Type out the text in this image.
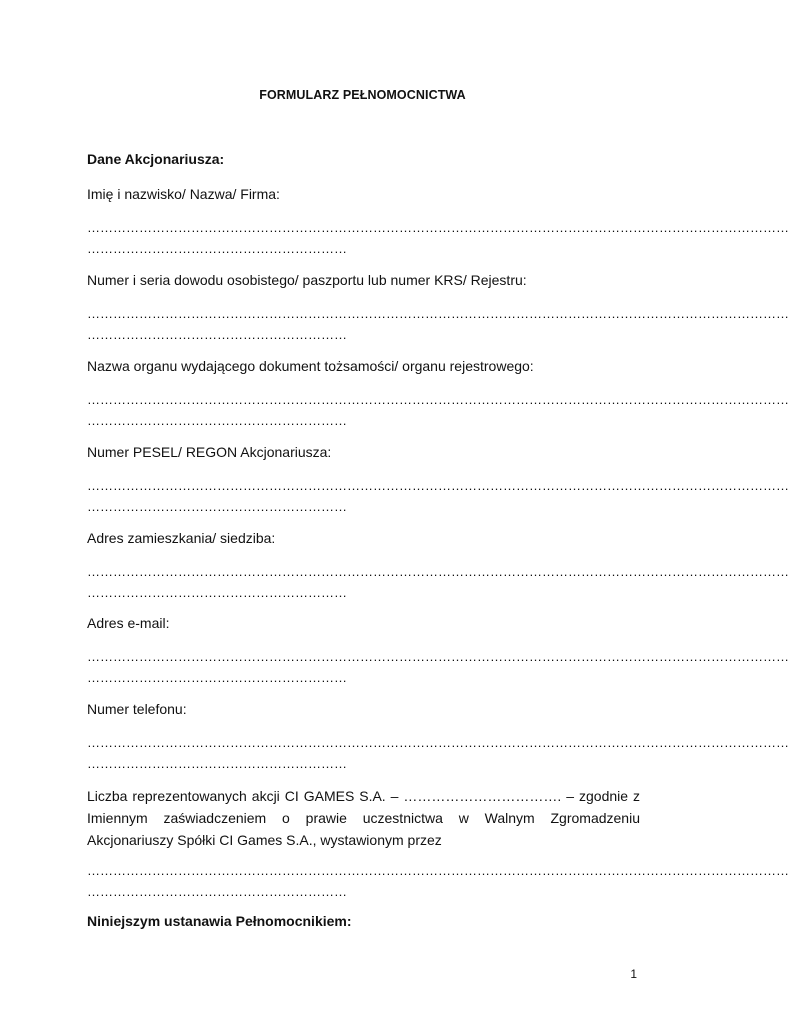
FORMULARZ PEŁNOMOCNICTWA
Dane Akcjonariusza:
Imię i nazwisko/ Nazwa/ Firma:
………………………………………………………………………………………………………………………………………………
……………………………………………………
Numer i seria dowodu osobistego/ paszportu lub numer KRS/ Rejestru:
………………………………………………………………………………………………………………………………………………
……………………………………………………
Nazwa organu wydającego dokument tożsamości/ organu rejestrowego:
………………………………………………………………………………………………………………………………………………
……………………………………………………
Numer PESEL/ REGON Akcjonariusza:
………………………………………………………………………………………………………………………………………………
……………………………………………………
Adres zamieszkania/ siedziba:
………………………………………………………………………………………………………………………………………………
……………………………………………………
Adres e-mail:
………………………………………………………………………………………………………………………………………………
……………………………………………………
Numer telefonu:
………………………………………………………………………………………………………………………………………………
……………………………………………………
Liczba reprezentowanych akcji CI GAMES S.A. – ……………………………. – zgodnie z Imiennym zaświadczeniem o prawie uczestnictwa w Walnym Zgromadzeniu Akcjonariuszy Spółki CI Games S.A., wystawionym przez
………………………………………………………………………………………………………………………………………………
……………………………………………………
Niniejszym ustanawia Pełnomocnikiem:
1
